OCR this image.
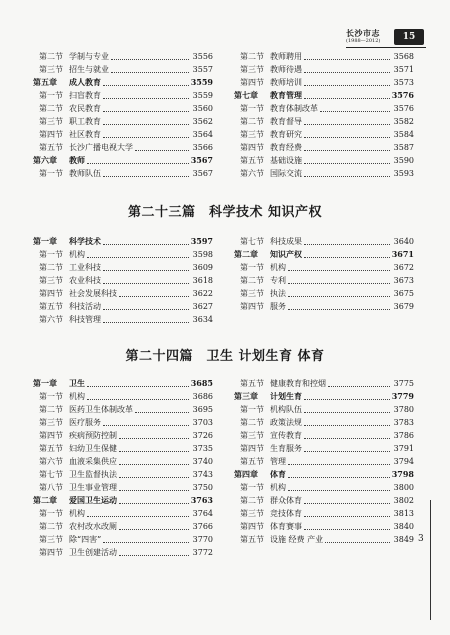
长沙市志
(1988—2012)	15
第二节 学制与专业	3556
第三节 招生与就业	3557
第五章	成人教育	3559
第一节 扫盲教育	3559
第二节 农民教育	3560
第三节 职工教育	3562
第四节 社区教育	3564
第五节 长沙广播电视大学	3566
第六章	教师	3567
第一节 教师队伍	3567
第二节 教师聘用	3568
第三节 教师待遇	3571
第四节 教师培训	3573
第七章	教育管理	3576
第一节 教育体制改革	3576
第二节 教育督导	3582
第三节 教育研究	3584
第四节 教育经费	3587
第五节 基础设施	3590
第六节 国际交流	3593
第二十三篇　科学技术 知识产权
第一章	科学技术	3597
第一节 机构	3598
第二节 工业科技	3609
第三节 农业科技	3618
第四节 社会发展科技	3622
第五节 科技活动	3627
第六节 科技管理	3634
第七节 科技成果	3640
第二章	知识产权	3671
第一节 机构	3672
第二节 专利	3673
第三节 执法	3675
第四节 服务	3679
第二十四篇　卫生 计划生育 体育
第一章	卫生	3685
第一节 机构	3686
第二节 医药卫生体制改革	3695
第三节 医疗服务	3703
第四节 疾病预防控制	3726
第五节 妇幼卫生保健	3735
第六节 血液采集供应	3740
第七节 卫生监督执法	3743
第八节 卫生事业管理	3750
第二章	爱国卫生运动	3763
第一节 机构	3764
第二节 农村改水改厕	3766
第三节 除“四害”	3770
第四节 卫生创建活动	3772
第五节 健康教育和控烟	3775
第三章	计划生育	3779
第一节 机构队伍	3780
第二节 政策法规	3783
第三节 宣传教育	3786
第四节 生育服务	3791
第五节 管理	3794
第四章	体育	3798
第一节 机构	3800
第二节 群众体育	3802
第三节 竞技体育	3813
第四节 体育赛事	3840
第五节 设施 经费 产业	3849 3
